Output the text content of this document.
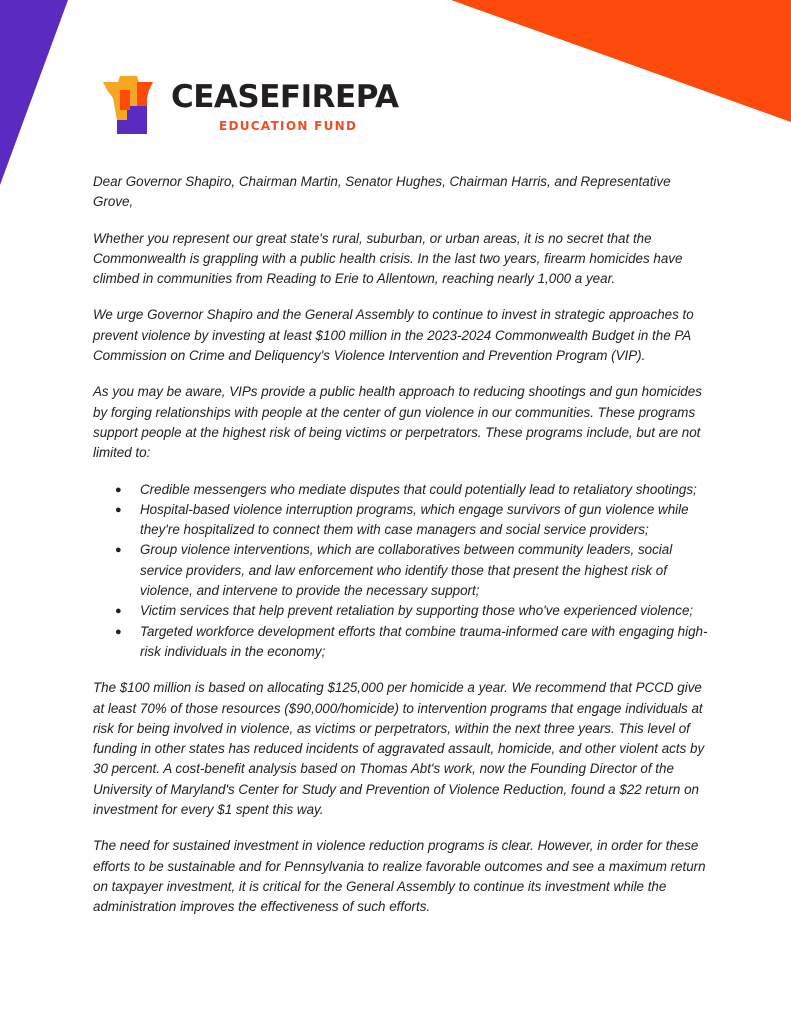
CEASEFIREPA
EDUCATION FUND

Dear Governor Shapiro, Chairman Martin, Senator Hughes, Chairman Harris, and Representative Grove,

Whether you represent our great state's rural, suburban, or urban areas, it is no secret that the Commonwealth is grappling with a public health crisis. In the last two years, firearm homicides have climbed in communities from Reading to Erie to Allentown, reaching nearly 1,000 a year.

We urge Governor Shapiro and the General Assembly to continue to invest in strategic approaches to prevent violence by investing at least $100 million in the 2023-2024 Commonwealth Budget in the PA Commission on Crime and Deliquency's Violence Intervention and Prevention Program (VIP).

As you may be aware, VIPs provide a public health approach to reducing shootings and gun homicides by forging relationships with people at the center of gun violence in our communities. These programs support people at the highest risk of being victims or perpetrators. These programs include, but are not limited to:

● Credible messengers who mediate disputes that could potentially lead to retaliatory shootings;
● Hospital-based violence interruption programs, which engage survivors of gun violence while they're hospitalized to connect them with case managers and social service providers;
● Group violence interventions, which are collaboratives between community leaders, social service providers, and law enforcement who identify those that present the highest risk of violence, and intervene to provide the necessary support;
● Victim services that help prevent retaliation by supporting those who've experienced violence;
● Targeted workforce development efforts that combine trauma-informed care with engaging high-risk individuals in the economy;

The $100 million is based on allocating $125,000 per homicide a year. We recommend that PCCD give at least 70% of those resources ($90,000/homicide) to intervention programs that engage individuals at risk for being involved in violence, as victims or perpetrators, within the next three years. This level of funding in other states has reduced incidents of aggravated assault, homicide, and other violent acts by 30 percent. A cost-benefit analysis based on Thomas Abt's work, now the Founding Director of the University of Maryland's Center for Study and Prevention of Violence Reduction, found a $22 return on investment for every $1 spent this way.

The need for sustained investment in violence reduction programs is clear. However, in order for these efforts to be sustainable and for Pennsylvania to realize favorable outcomes and see a maximum return on taxpayer investment, it is critical for the General Assembly to continue its investment while the administration improves the effectiveness of such efforts.
